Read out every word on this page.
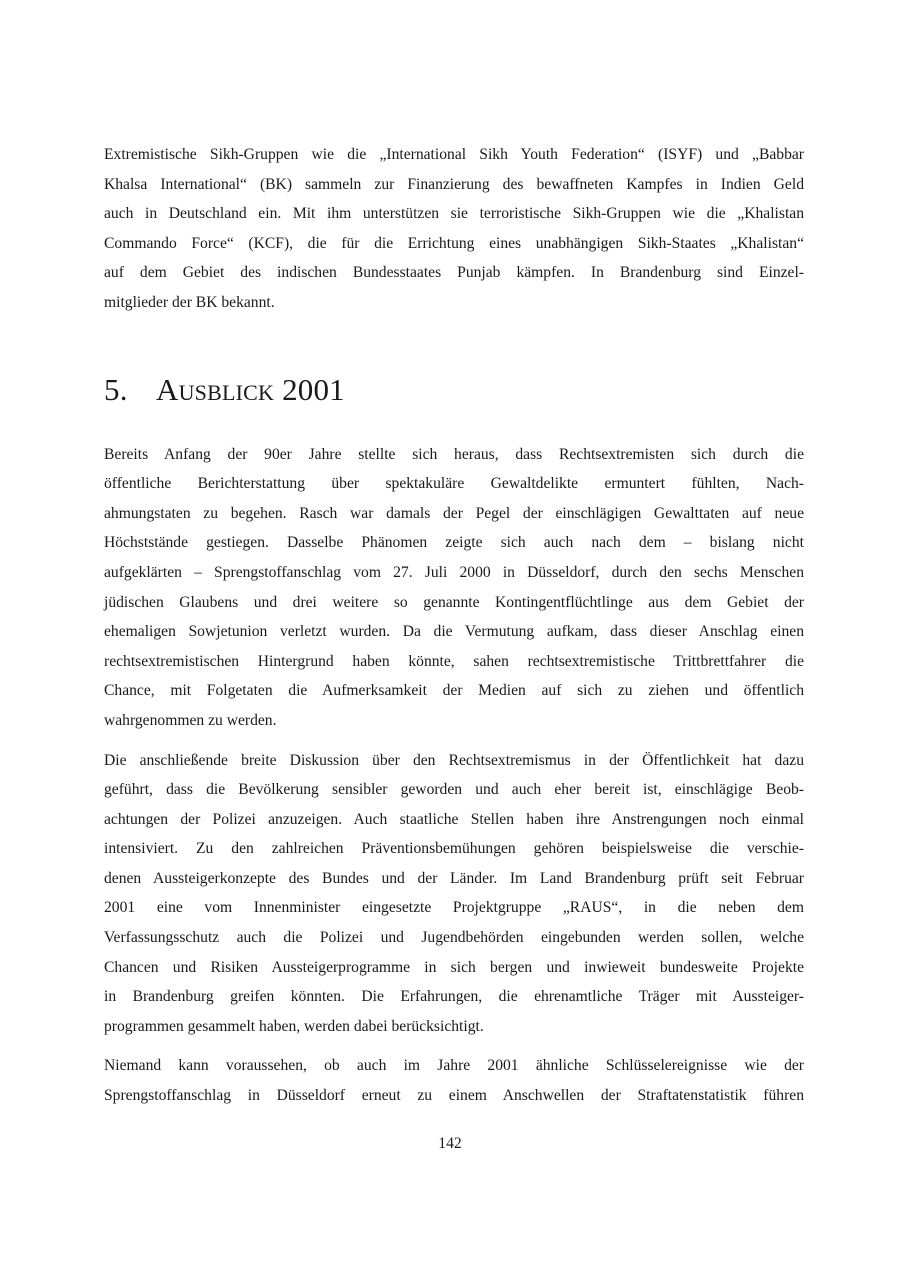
Extremistische Sikh-Gruppen wie die „International Sikh Youth Federation“ (ISYF) und „Babbar
Khalsa International“ (BK) sammeln zur Finanzierung des bewaffneten Kampfes in Indien Geld
auch in Deutschland ein. Mit ihm unterstützen sie terroristische Sikh-Gruppen wie die „Khalistan
Commando Force“ (KCF), die für die Errichtung eines unabhängigen Sikh-Staates „Khalistan“
auf dem Gebiet des indischen Bundesstaates Punjab kämpfen. In Brandenburg sind Einzel-
mitglieder der BK bekannt.

5. Ausblick 2001

Bereits Anfang der 90er Jahre stellte sich heraus, dass Rechtsextremisten sich durch die
öffentliche Berichterstattung über spektakuläre Gewaltdelikte ermuntert fühlten, Nach-
ahmungstaten zu begehen. Rasch war damals der Pegel der einschlägigen Gewalttaten auf neue
Höchststände gestiegen. Dasselbe Phänomen zeigte sich auch nach dem – bislang nicht
aufgeklärten – Sprengstoffanschlag vom 27. Juli 2000 in Düsseldorf, durch den sechs Menschen
jüdischen Glaubens und drei weitere so genannte Kontingentflüchtlinge aus dem Gebiet der
ehemaligen Sowjetunion verletzt wurden. Da die Vermutung aufkam, dass dieser Anschlag einen
rechtsextremistischen Hintergrund haben könnte, sahen rechtsextremistische Trittbrettfahrer die
Chance, mit Folgetaten die Aufmerksamkeit der Medien auf sich zu ziehen und öffentlich
wahrgenommen zu werden.

Die anschließende breite Diskussion über den Rechtsextremismus in der Öffentlichkeit hat dazu
geführt, dass die Bevölkerung sensibler geworden und auch eher bereit ist, einschlägige Beob-
achtungen der Polizei anzuzeigen. Auch staatliche Stellen haben ihre Anstrengungen noch einmal
intensiviert. Zu den zahlreichen Präventionsbemühungen gehören beispielsweise die verschie-
denen Aussteigerkonzepte des Bundes und der Länder. Im Land Brandenburg prüft seit Februar
2001 eine vom Innenminister eingesetzte Projektgruppe „RAUS“, in die neben dem
Verfassungsschutz auch die Polizei und Jugendbehörden eingebunden werden sollen, welche
Chancen und Risiken Aussteigerprogramme in sich bergen und inwieweit bundesweite Projekte
in Brandenburg greifen könnten. Die Erfahrungen, die ehrenamtliche Träger mit Aussteiger-
programmen gesammelt haben, werden dabei berücksichtigt.

Niemand kann voraussehen, ob auch im Jahre 2001 ähnliche Schlüsselereignisse wie der
Sprengstoffanschlag in Düsseldorf erneut zu einem Anschwellen der Straftatenstatistik führen

142
